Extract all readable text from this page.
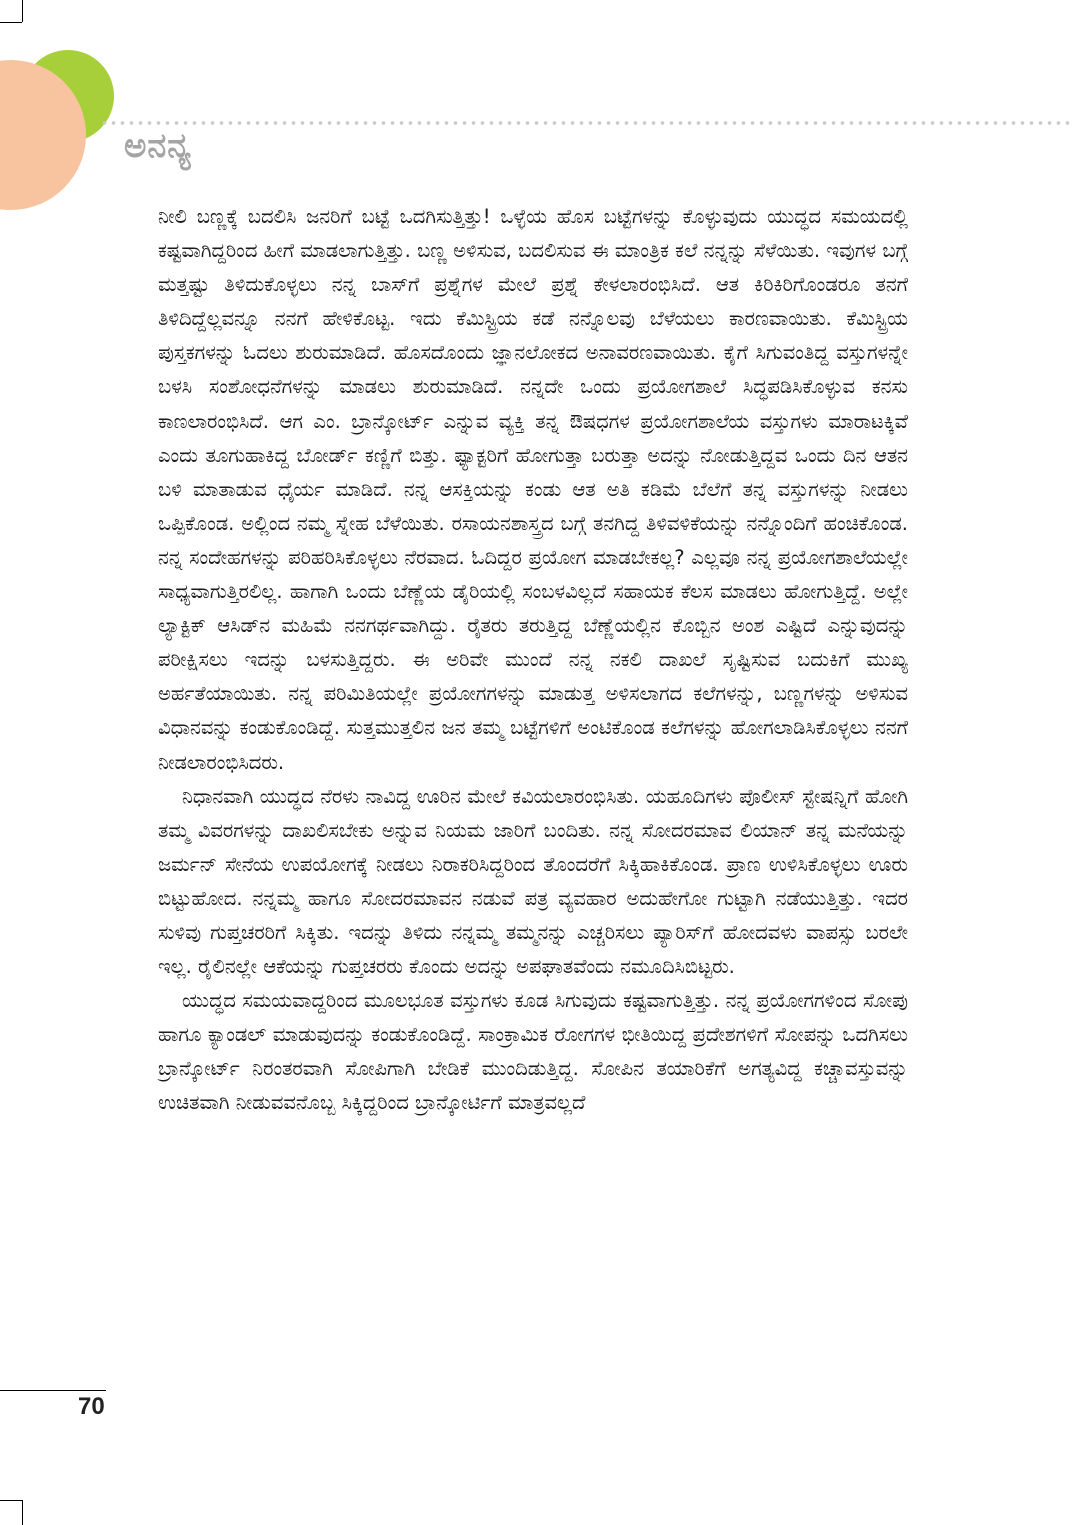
ಅನನ್ಯ

ನೀಲಿ ಬಣ್ಣಕ್ಕೆ ಬದಲಿಸಿ ಜನರಿಗೆ ಬಟ್ಟೆ ಒದಗಿಸುತ್ತಿತ್ತು! ಒಳ್ಳೆಯ ಹೊಸ ಬಟ್ಟೆಗಳನ್ನು ಕೊಳ್ಳುವುದು ಯುದ್ಧದ ಸಮಯದಲ್ಲಿ ಕಷ್ಟವಾಗಿದ್ದರಿಂದ ಹೀಗೆ ಮಾಡಲಾಗುತ್ತಿತ್ತು. ಬಣ್ಣ ಅಳಿಸುವ, ಬದಲಿಸುವ ಈ ಮಾಂತ್ರಿಕ ಕಲೆ ನನ್ನನ್ನು ಸೆಳೆಯಿತು. ಇವುಗಳ ಬಗ್ಗೆ ಮತ್ತಷ್ಟು ತಿಳಿದುಕೊಳ್ಳಲು ನನ್ನ ಬಾಸ್‌ಗೆ ಪ್ರಶ್ನೆಗಳ ಮೇಲೆ ಪ್ರಶ್ನೆ ಕೇಳಲಾರಂಭಿಸಿದೆ. ಆತ ಕಿರಿಕಿರಿಗೊಂಡರೂ ತನಗೆ ತಿಳಿದಿದ್ದೆಲ್ಲವನ್ನೂ ನನಗೆ ಹೇಳಿಕೊಟ್ಟ. ಇದು ಕೆಮಿಸ್ಟ್ರಿಯ ಕಡೆ ನನ್ನೊಲವು ಬೆಳೆಯಲು ಕಾರಣವಾಯಿತು. ಕೆಮಿಸ್ಟ್ರಿಯ ಪುಸ್ತಕಗಳನ್ನು ಓದಲು ಶುರುಮಾಡಿದೆ. ಹೊಸದೊಂದು ಜ್ಞಾನಲೋಕದ ಅನಾವರಣವಾಯಿತು. ಕೈಗೆ ಸಿಗುವಂತಿದ್ದ ವಸ್ತುಗಳನ್ನೇ ಬಳಸಿ ಸಂಶೋಧನೆಗಳನ್ನು ಮಾಡಲು ಶುರುಮಾಡಿದೆ. ನನ್ನದೇ ಒಂದು ಪ್ರಯೋಗಶಾಲೆ ಸಿದ್ಧಪಡಿಸಿಕೊಳ್ಳುವ ಕನಸು ಕಾಣಲಾರಂಭಿಸಿದೆ. ಆಗ ಎಂ. ಬ್ರಾನ್ಕೋರ್ಟ್ ಎನ್ನುವ ವ್ಯಕ್ತಿ ತನ್ನ ಔಷಧಗಳ ಪ್ರಯೋಗಶಾಲೆಯ ವಸ್ತುಗಳು ಮಾರಾಟಕ್ಕಿವೆ ಎಂದು ತೂಗುಹಾಕಿದ್ದ ಬೋರ್ಡ್ ಕಣ್ಣಿಗೆ ಬಿತ್ತು. ಫ್ಯಾಕ್ಟರಿಗೆ ಹೋಗುತ್ತಾ ಬರುತ್ತಾ ಅದನ್ನು ನೋಡುತ್ತಿದ್ದವ ಒಂದು ದಿನ ಆತನ ಬಳಿ ಮಾತಾಡುವ ಧೈರ್ಯ ಮಾಡಿದೆ. ನನ್ನ ಆಸಕ್ತಿಯನ್ನು ಕಂಡು ಆತ ಅತಿ ಕಡಿಮೆ ಬೆಲೆಗೆ ತನ್ನ ವಸ್ತುಗಳನ್ನು ನೀಡಲು ಒಪ್ಪಿಕೊಂಡ. ಅಲ್ಲಿಂದ ನಮ್ಮ ಸ್ನೇಹ ಬೆಳೆಯಿತು. ರಸಾಯನಶಾಸ್ತ್ರದ ಬಗ್ಗೆ ತನಗಿದ್ದ ತಿಳಿವಳಿಕೆಯನ್ನು ನನ್ನೊಂದಿಗೆ ಹಂಚಿಕೊಂಡ. ನನ್ನ ಸಂದೇಹಗಳನ್ನು ಪರಿಹರಿಸಿಕೊಳ್ಳಲು ನೆರವಾದ. ಓದಿದ್ದರ ಪ್ರಯೋಗ ಮಾಡಬೇಕಲ್ಲ? ಎಲ್ಲವೂ ನನ್ನ ಪ್ರಯೋಗಶಾಲೆಯಲ್ಲೇ ಸಾಧ್ಯವಾಗುತ್ತಿರಲಿಲ್ಲ. ಹಾಗಾಗಿ ಒಂದು ಬೆಣ್ಣೆಯ ಡೈರಿಯಲ್ಲಿ ಸಂಬಳವಿಲ್ಲದೆ ಸಹಾಯಕ ಕೆಲಸ ಮಾಡಲು ಹೋಗುತ್ತಿದ್ದೆ. ಅಲ್ಲೇ ಲ್ಯಾಕ್ಟಿಕ್ ಆಸಿಡ್‌ನ ಮಹಿಮೆ ನನಗರ್ಥವಾಗಿದ್ದು. ರೈತರು ತರುತ್ತಿದ್ದ ಬೆಣ್ಣೆಯಲ್ಲಿನ ಕೊಬ್ಬಿನ ಅಂಶ ಎಷ್ಟಿದೆ ಎನ್ನುವುದನ್ನು ಪರೀಕ್ಷಿಸಲು ಇದನ್ನು ಬಳಸುತ್ತಿದ್ದರು. ಈ ಅರಿವೇ ಮುಂದೆ ನನ್ನ ನಕಲಿ ದಾಖಲೆ ಸೃಷ್ಟಿಸುವ ಬದುಕಿಗೆ ಮುಖ್ಯ ಅರ್ಹತೆಯಾಯಿತು. ನನ್ನ ಪರಿಮಿತಿಯಲ್ಲೇ ಪ್ರಯೋಗಗಳನ್ನು ಮಾಡುತ್ತ ಅಳಿಸಲಾಗದ ಕಲೆಗಳನ್ನು, ಬಣ್ಣಗಳನ್ನು ಅಳಿಸುವ ವಿಧಾನವನ್ನು ಕಂಡುಕೊಂಡಿದ್ದೆ. ಸುತ್ತಮುತ್ತಲಿನ ಜನ ತಮ್ಮ ಬಟ್ಟೆಗಳಿಗೆ ಅಂಟಿಕೊಂಡ ಕಲೆಗಳನ್ನು ಹೋಗಲಾಡಿಸಿಕೊಳ್ಳಲು ನನಗೆ ನೀಡಲಾರಂಭಿಸಿದರು.

ನಿಧಾನವಾಗಿ ಯುದ್ಧದ ನೆರಳು ನಾವಿದ್ದ ಊರಿನ ಮೇಲೆ ಕವಿಯಲಾರಂಭಿಸಿತು. ಯಹೂದಿಗಳು ಪೊಲೀಸ್ ಸ್ಟೇಷನ್ನಿಗೆ ಹೋಗಿ ತಮ್ಮ ವಿವರಗಳನ್ನು ದಾಖಲಿಸಬೇಕು ಅನ್ನುವ ನಿಯಮ ಜಾರಿಗೆ ಬಂದಿತು. ನನ್ನ ಸೋದರಮಾವ ಲಿಯಾನ್ ತನ್ನ ಮನೆಯನ್ನು ಜರ್ಮನ್ ಸೇನೆಯ ಉಪಯೋಗಕ್ಕೆ ನೀಡಲು ನಿರಾಕರಿಸಿದ್ದರಿಂದ ತೊಂದರೆಗೆ ಸಿಕ್ಕಿಹಾಕಿಕೊಂಡ. ಪ್ರಾಣ ಉಳಿಸಿಕೊಳ್ಳಲು ಊರು ಬಿಟ್ಟುಹೋದ. ನನ್ನಮ್ಮ ಹಾಗೂ ಸೋದರಮಾವನ ನಡುವೆ ಪತ್ರ ವ್ಯವಹಾರ ಅದುಹೇಗೋ ಗುಟ್ಟಾಗಿ ನಡೆಯುತ್ತಿತ್ತು. ಇದರ ಸುಳಿವು ಗುಪ್ತಚರರಿಗೆ ಸಿಕ್ಕಿತು. ಇದನ್ನು ತಿಳಿದು ನನ್ನಮ್ಮ ತಮ್ಮನನ್ನು ಎಚ್ಚರಿಸಲು ಪ್ಯಾರಿಸ್‌ಗೆ ಹೋದವಳು ವಾಪಸ್ಸು ಬರಲೇ ಇಲ್ಲ. ರೈಲಿನಲ್ಲೇ ಆಕೆಯನ್ನು ಗುಪ್ತಚರರು ಕೊಂದು ಅದನ್ನು ಅಪಘಾತವೆಂದು ನಮೂದಿಸಿಬಿಟ್ಟರು.

ಯುದ್ಧದ ಸಮಯವಾದ್ದರಿಂದ ಮೂಲಭೂತ ವಸ್ತುಗಳು ಕೂಡ ಸಿಗುವುದು ಕಷ್ಟವಾಗುತ್ತಿತ್ತು. ನನ್ನ ಪ್ರಯೋಗಗಳಿಂದ ಸೋಪು ಹಾಗೂ ಕ್ಯಾಂಡಲ್ ಮಾಡುವುದನ್ನು ಕಂಡುಕೊಂಡಿದ್ದೆ. ಸಾಂಕ್ರಾಮಿಕ ರೋಗಗಳ ಭೀತಿಯಿದ್ದ ಪ್ರದೇಶಗಳಿಗೆ ಸೋಪನ್ನು ಒದಗಿಸಲು ಬ್ರಾನ್ಕೋರ್ಟ್ ನಿರಂತರವಾಗಿ ಸೋಪಿಗಾಗಿ ಬೇಡಿಕೆ ಮುಂದಿಡುತ್ತಿದ್ದ. ಸೋಪಿನ ತಯಾರಿಕೆಗೆ ಅಗತ್ಯವಿದ್ದ ಕಚ್ಚಾವಸ್ತುವನ್ನು ಉಚಿತವಾಗಿ ನೀಡುವವನೊಬ್ಬ ಸಿಕ್ಕಿದ್ದರಿಂದ ಬ್ರಾನ್ಕೋರ್ಟಿಗೆ ಮಾತ್ರವಲ್ಲದೆ

70
